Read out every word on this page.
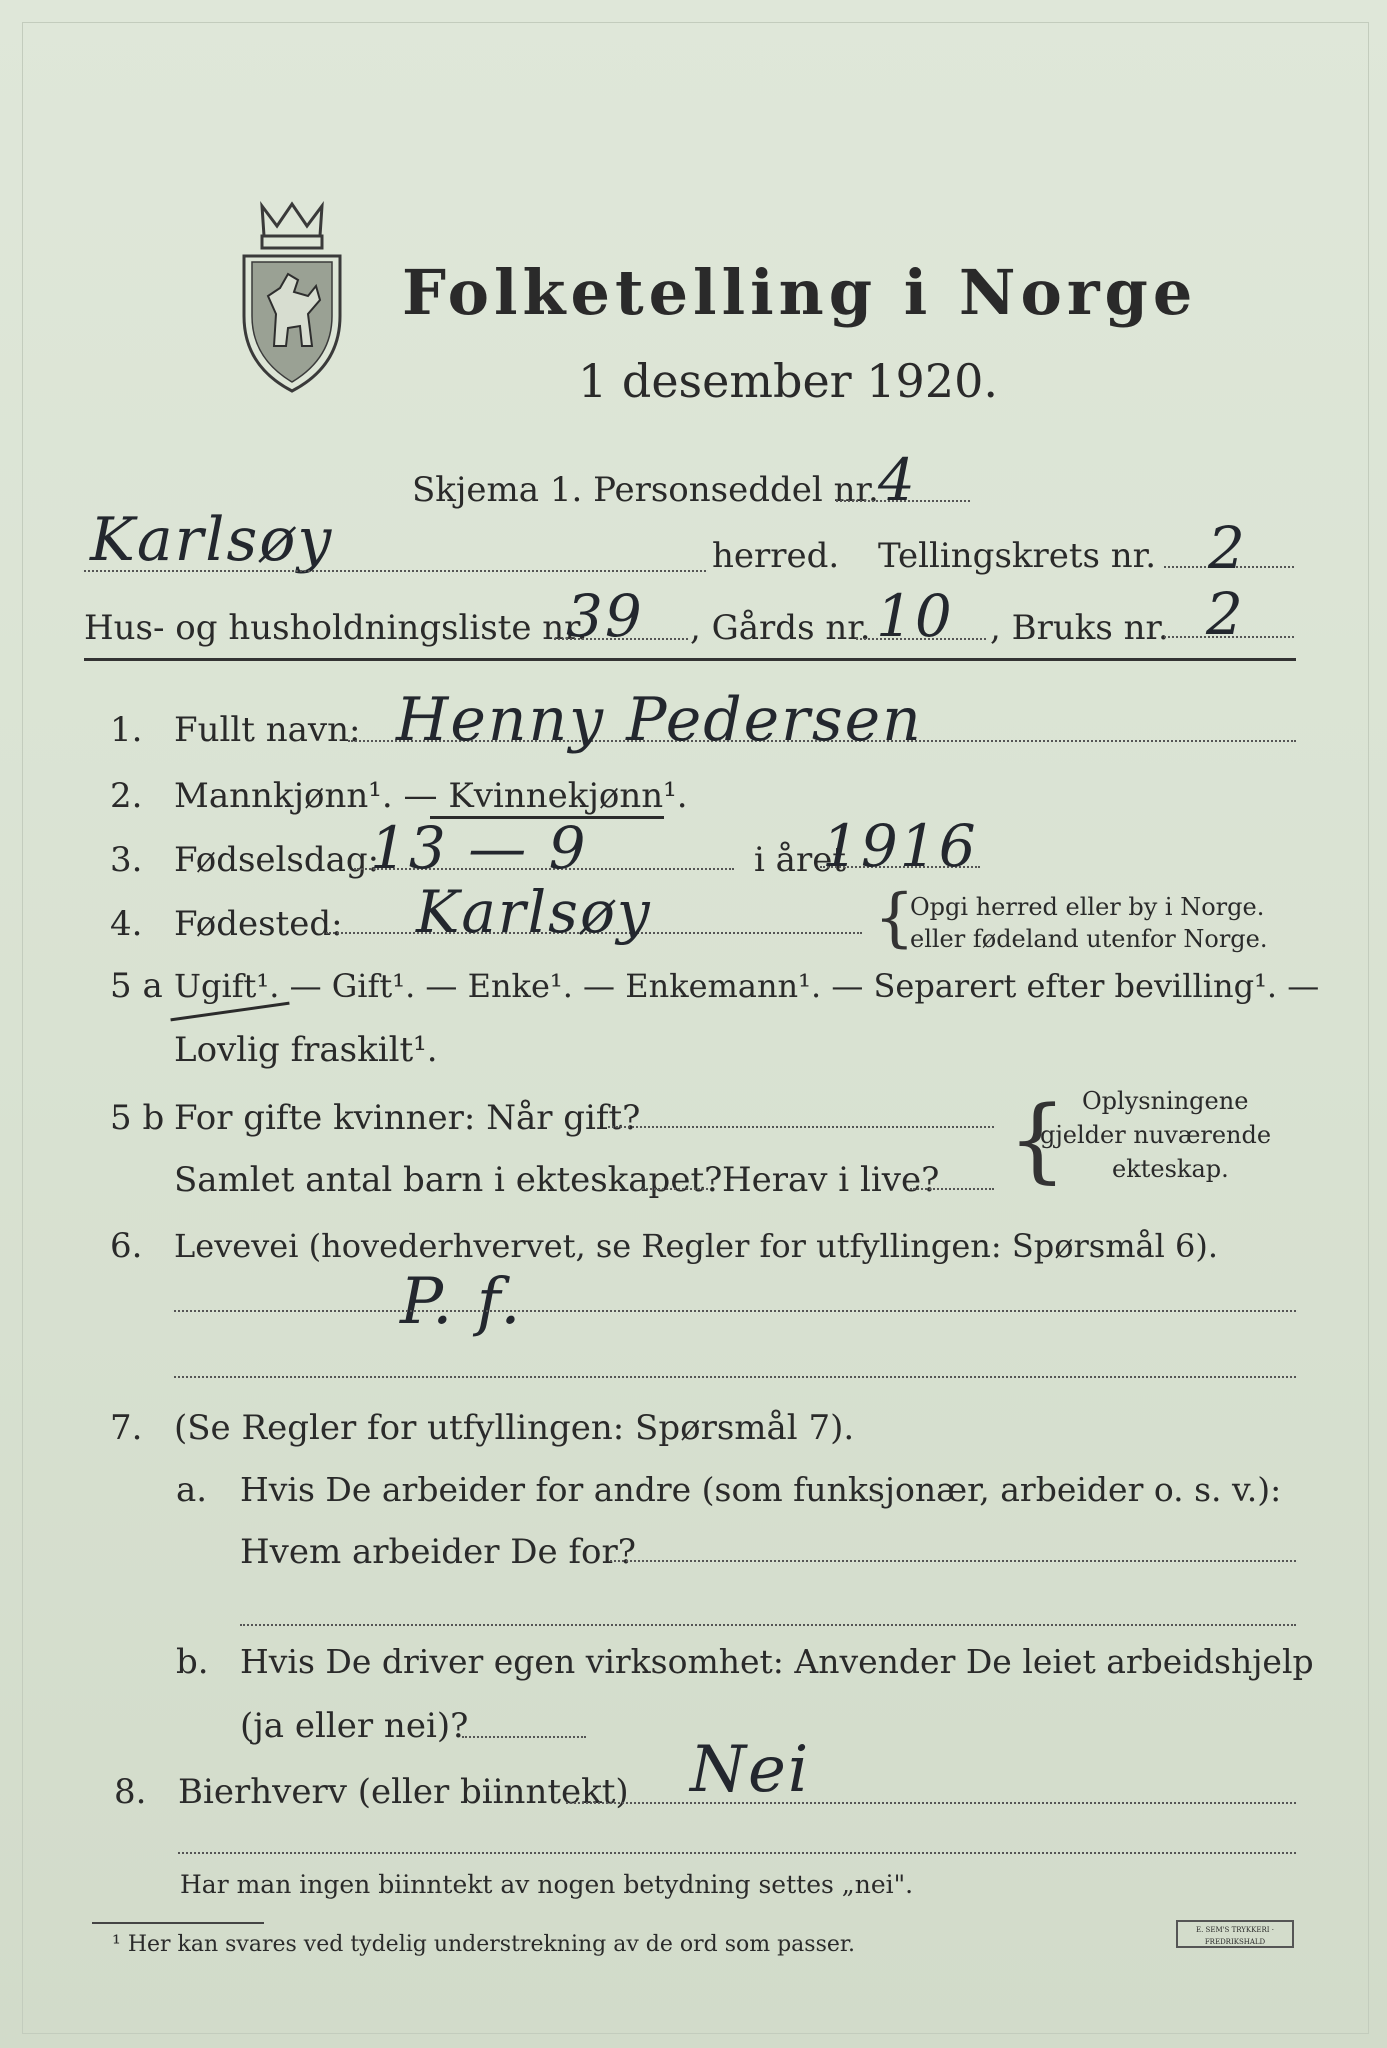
Folketelling i Norge
1 desember 1920.
Skjema 1. Personseddel nr. 4
Karlsøy	herred. Tellingskrets nr. 2
Hus- og husholdningsliste nr.
39 , Gårds nr. 10 , Bruks nr. 2
1. Fullt navn: Henny Pedersen
2. Mannkjønn¹. — Kvinnekjønn¹.
3. Fødselsdag:
13 — 9	i året
1916
4. Fødested: Karlsøy	{
Opgi herred eller by i Norge.
eller fødeland utenfor Norge.
5 a Ugift¹. — Gift¹. — Enke¹. — Enkemann¹. — Separert efter bevilling¹. —
Lovlig fraskilt¹.
5 b For gifte kvinner: Når gift?
Samlet antal barn i ekteskapet? Herav i live? { Oplysningene
gjelder nuværende
ekteskap.
6. Levevei (hovederhvervet, se Regler for utfyllingen: Spørsmål 6).
P. f.
7. (Se Regler for utfyllingen: Spørsmål 7).
a. Hvis De arbeider for andre (som funksjonær, arbeider o. s. v.):
Hvem arbeider De for?
b. Hvis De driver egen virksomhet: Anvender De leiet arbeidshjelp
(ja eller nei)?
8. Bierhverv (eller biinntekt) Nei
Har man ingen biinntekt av nogen betydning settes „nei".
¹ Her kan svares ved tydelig understrekning av de ord som passer.
E. SEM'S TRYKKERI · FREDRIKSHALD
